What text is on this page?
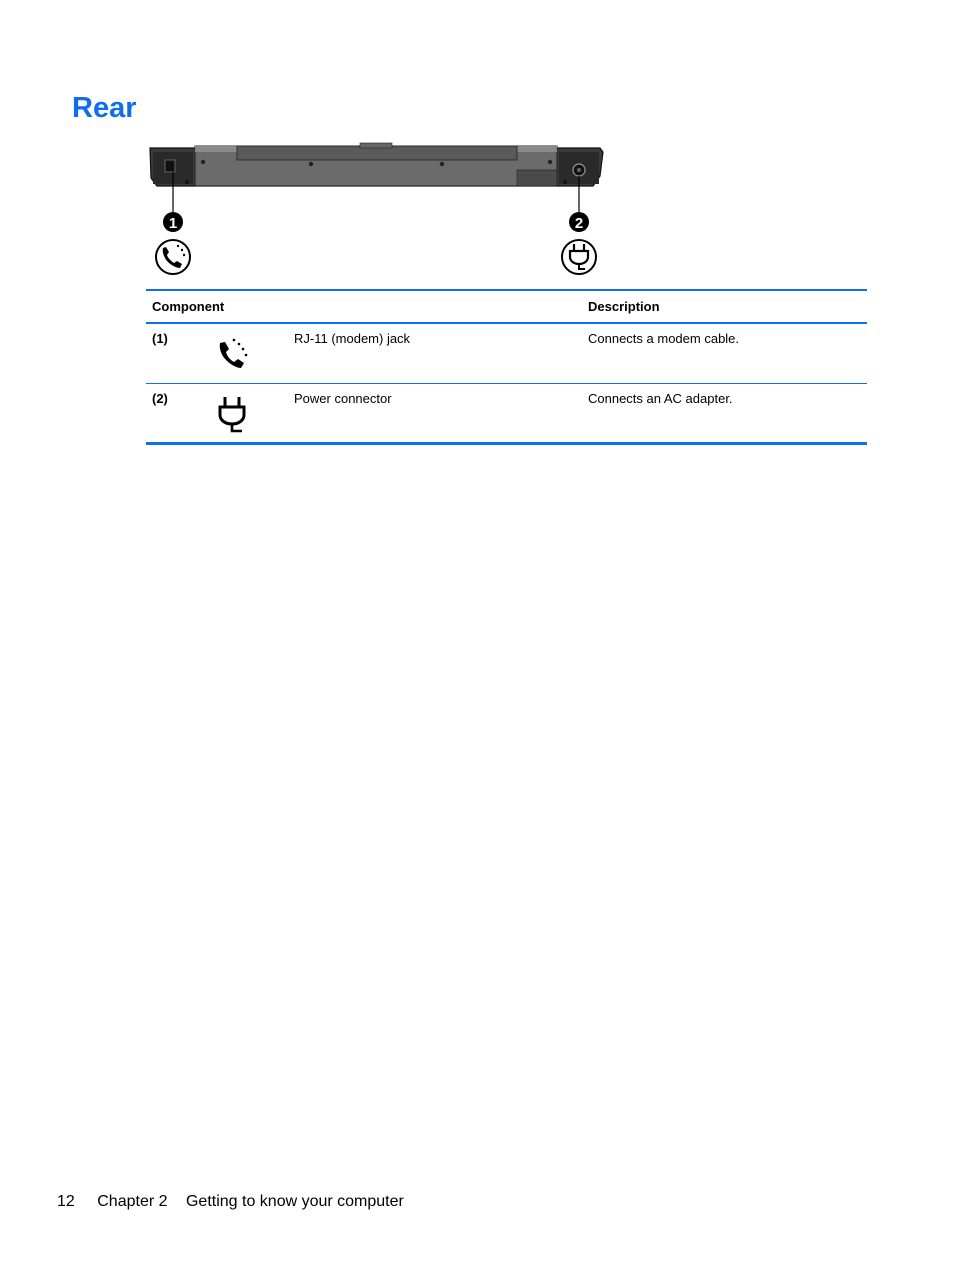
Rear
1	2
Component			Description
(1)		RJ-11 (modem) jack	Connects a modem cable.
(2)		Power connector	Connects an AC adapter.
12 Chapter 2 Getting to know your computer
